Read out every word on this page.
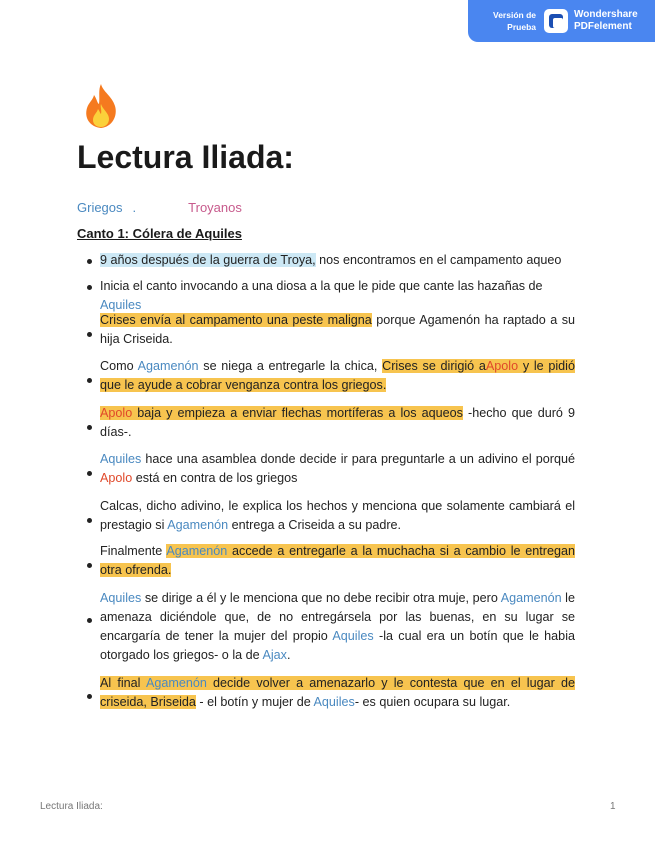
Versión de
Prueba
Wondershare
PDFelement
Lectura Iliada:
Griegos .	Troyanos
Canto 1: Cólera de Aquiles
9 años después de la guerra de Troya, nos encontramos en el campamento aqueo
Inicia el canto invocando a una diosa a la que le pide que cante las hazañas de
Aquiles
Crises envía al campamento una peste maligna porque Agamenón ha raptado a su hija Criseida.
Como Agamenón se niega a entregarle la chica, Crises se dirigió aApolo y le pidió que le ayude a cobrar venganza contra los griegos.
Apolo baja y empieza a enviar flechas mortíferas a los aqueos -hecho que duró 9 días-.
Aquiles hace una asamblea donde decide ir para preguntarle a un adivino el porqué Apolo está en contra de los griegos
Calcas, dicho adivino, le explica los hechos y menciona que solamente cambiará el prestagio si Agamenón entrega a Criseida a su padre.
Finalmente Agamenón accede a entregarle a la muchacha si a cambio le entregan otra ofrenda.
Aquiles se dirige a él y le menciona que no debe recibir otra muje, pero Agamenón le amenaza diciéndole que, de no entregársela por las buenas, en su lugar se encargaría de tener la mujer del propio Aquiles -la cual era un botín que le habia otorgado los griegos- o la de Ajax.
Al final Agamenón decide volver a amenazarlo y le contesta que en el lugar de criseida, Briseida - el botín y mujer de Aquiles- es quien ocupara su lugar.
Lectura Iliada:	1
